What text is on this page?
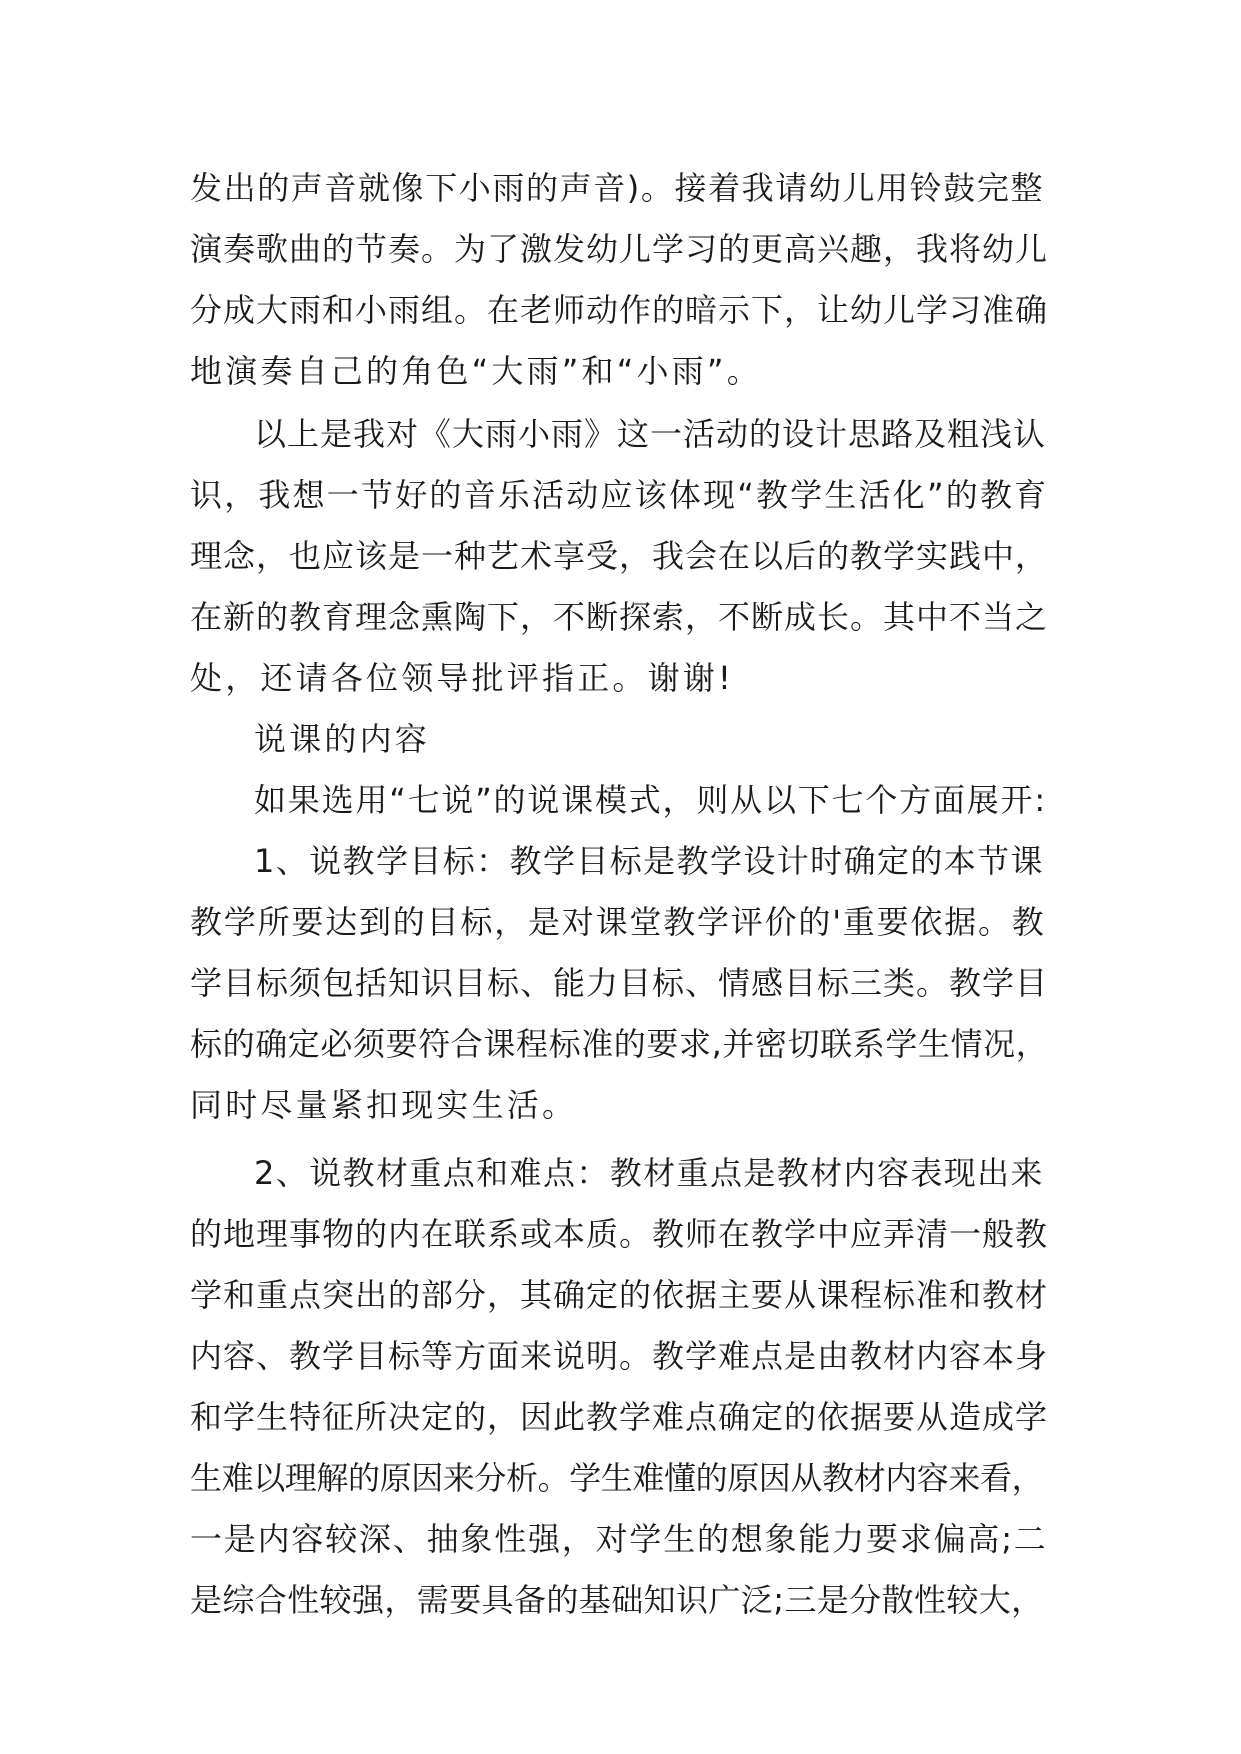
发出的声音就像下小雨的声音)。接着我请幼儿用铃鼓完整
演奏歌曲的节奏。为了激发幼儿学习的更高兴趣，我将幼儿
分成大雨和小雨组。在老师动作的暗示下，让幼儿学习准确
地演奏自己的角色“大雨”和“小雨”。
以上是我对《大雨小雨》这一活动的设计思路及粗浅认
识，我想一节好的音乐活动应该体现“教学生活化”的教育
理念，也应该是一种艺术享受，我会在以后的教学实践中，
在新的教育理念熏陶下，不断探索，不断成长。其中不当之
处，还请各位领导批评指正。谢谢!
说课的内容
如果选用“七说”的说课模式，则从以下七个方面展开:
1、说教学目标：教学目标是教学设计时确定的本节课
教学所要达到的目标，是对课堂教学评价的'重要依据。教
学目标须包括知识目标、能力目标、情感目标三类。教学目
标的确定必须要符合课程标准的要求,并密切联系学生情况，
同时尽量紧扣现实生活。
2、说教材重点和难点：教材重点是教材内容表现出来
的地理事物的内在联系或本质。教师在教学中应弄清一般教
学和重点突出的部分，其确定的依据主要从课程标准和教材
内容、教学目标等方面来说明。教学难点是由教材内容本身
和学生特征所决定的，因此教学难点确定的依据要从造成学
生难以理解的原因来分析。学生难懂的原因从教材内容来看，
一是内容较深、抽象性强，对学生的想象能力要求偏高;二
是综合性较强，需要具备的基础知识广泛;三是分散性较大，
